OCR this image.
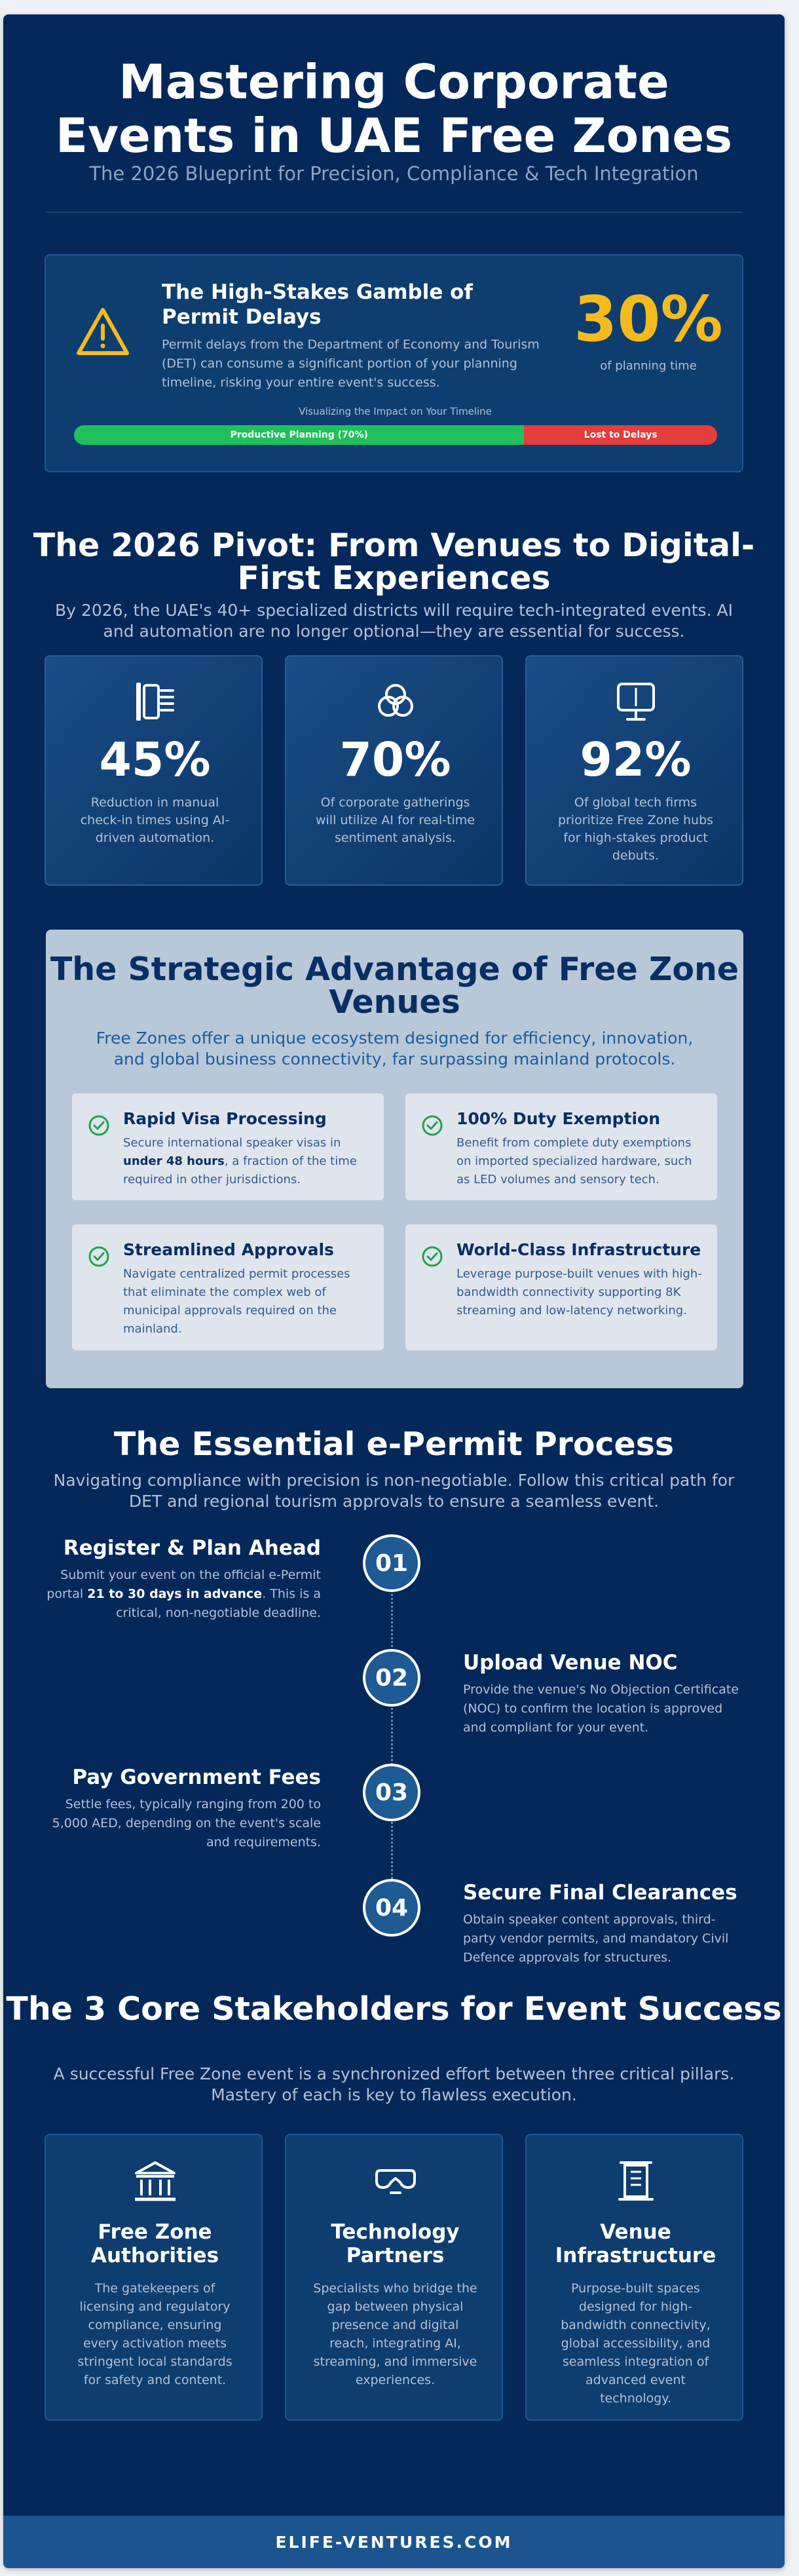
Mastering Corporate
Events in UAE Free Zones
The 2026 Blueprint for Precision, Compliance & Tech Integration
The High-Stakes Gamble of Permit Delays
Permit delays from the Department of Economy and Tourism (DET) can consume a significant portion of your planning timeline, risking your entire event's success.
30%
of planning time
Visualizing the Impact on Your Timeline
Productive Planning (70%)	Lost to Delays
The 2026 Pivot: From Venues to Digital-First Experiences
By 2026, the UAE's 40+ specialized districts will require tech-integrated events. AI and automation are no longer optional—they are essential for success.
45%
Reduction in manual check-in times using AI-driven automation.
70%
Of corporate gatherings will utilize AI for real-time sentiment analysis.
92%
Of global tech firms prioritize Free Zone hubs for high-stakes product debuts.
The Strategic Advantage of Free Zone Venues
Free Zones offer a unique ecosystem designed for efficiency, innovation, and global business connectivity, far surpassing mainland protocols.
Rapid Visa Processing
Secure international speaker visas in under 48 hours, a fraction of the time required in other jurisdictions.
100% Duty Exemption
Benefit from complete duty exemptions on imported specialized hardware, such as LED volumes and sensory tech.
Streamlined Approvals
Navigate centralized permit processes that eliminate the complex web of municipal approvals required on the mainland.
World-Class Infrastructure
Leverage purpose-built venues with high-bandwidth connectivity supporting 8K streaming and low-latency networking.
The Essential e-Permit Process
Navigating compliance with precision is non-negotiable. Follow this critical path for DET and regional tourism approvals to ensure a seamless event.
01
Register & Plan Ahead
Submit your event on the official e-Permit portal 21 to 30 days in advance. This is a critical, non-negotiable deadline.
02
Upload Venue NOC
Provide the venue's No Objection Certificate (NOC) to confirm the location is approved and compliant for your event.
03
Pay Government Fees
Settle fees, typically ranging from 200 to 5,000 AED, depending on the event's scale and requirements.
04
Secure Final Clearances
Obtain speaker content approvals, third-party vendor permits, and mandatory Civil Defence approvals for structures.
The 3 Core Stakeholders for Event Success
A successful Free Zone event is a synchronized effort between three critical pillars. Mastery of each is key to flawless execution.
Free Zone Authorities
The gatekeepers of licensing and regulatory compliance, ensuring every activation meets stringent local standards for safety and content.
Technology Partners
Specialists who bridge the gap between physical presence and digital reach, integrating AI, streaming, and immersive experiences.
Venue Infrastructure
Purpose-built spaces designed for high-bandwidth connectivity, global accessibility, and seamless integration of advanced event technology.
ELIFE-VENTURES.COM
